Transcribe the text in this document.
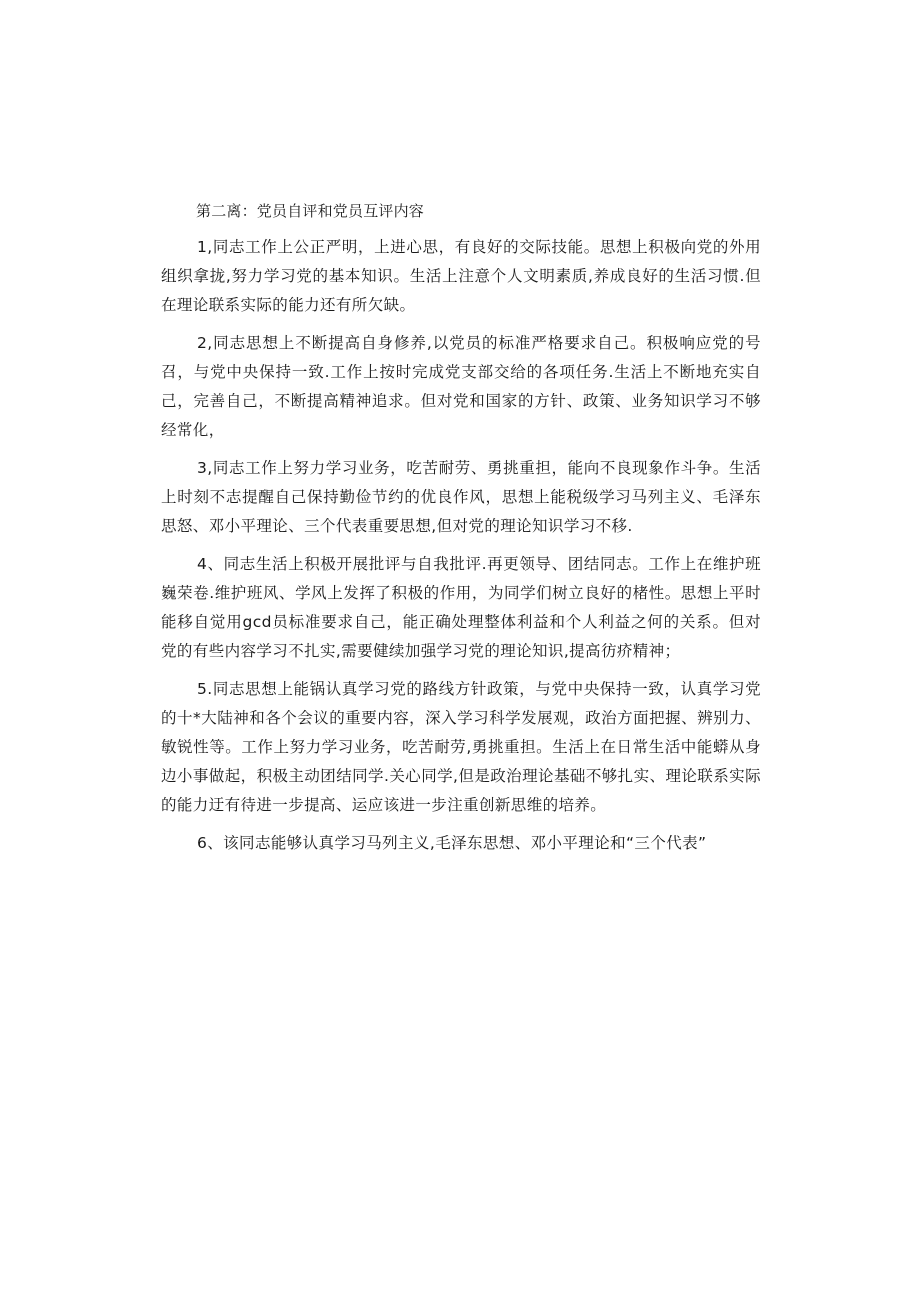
第二离：党员自评和党员互评内容

1,同志工作上公正严明，上进心思，有良好的交际技能。思想上积极向党的外用组织拿拢,努力学习党的基本知识。生活上注意个人文明素质,养成良好的生活习惯.但在理论联系实际的能力还有所欠缺。

2,同志思想上不断提高自身修养,以党员的标准严格要求自己。积极响应党的号召，与党中央保持一致.工作上按时完成党支部交给的各项任务.生活上不断地充实自己，完善自己，不断提高精神追求。但对党和国家的方针、政策、业务知识学习不够经常化，

3,同志工作上努力学习业务，吃苦耐劳、勇挑重担，能向不良现象作斗争。生活上时刻不志提醒自己保持勤俭节约的优良作风，思想上能税级学习马列主义、毛泽东思怒、邓小平理论、三个代表重要思想,但对党的理论知识学习不移.

4、同志生活上积极开展批评与自我批评.再更领导、团结同志。工作上在维护班巍荣卷.维护班风、学风上发挥了积极的作用，为同学们树立良好的楮性。思想上平时能移自觉用gcd员标准要求自己，能正确处理整体利益和个人利益之何的关系。但对党的有些内容学习不扎实,需要健续加强学习党的理论知识,提高彷疥精神；

5.同志思想上能锅认真学习党的路线方针政策，与党中央保持一致，认真学习党的十*大陆神和各个会议的重要内容，深入学习科学发展观，政治方面把握、辨别力、敏锐性等。工作上努力学习业务，吃苦耐劳,勇挑重担。生活上在日常生活中能蟒从身边小事做起，积极主动团结同学.关心同学,但是政治理论基础不够扎实、理论联系实际的能力迂有待进一步提高、运应该进一步注重创新思维的培养。

6、该同志能够认真学习马列主义,毛泽东思想、邓小平理论和“三个代表”
